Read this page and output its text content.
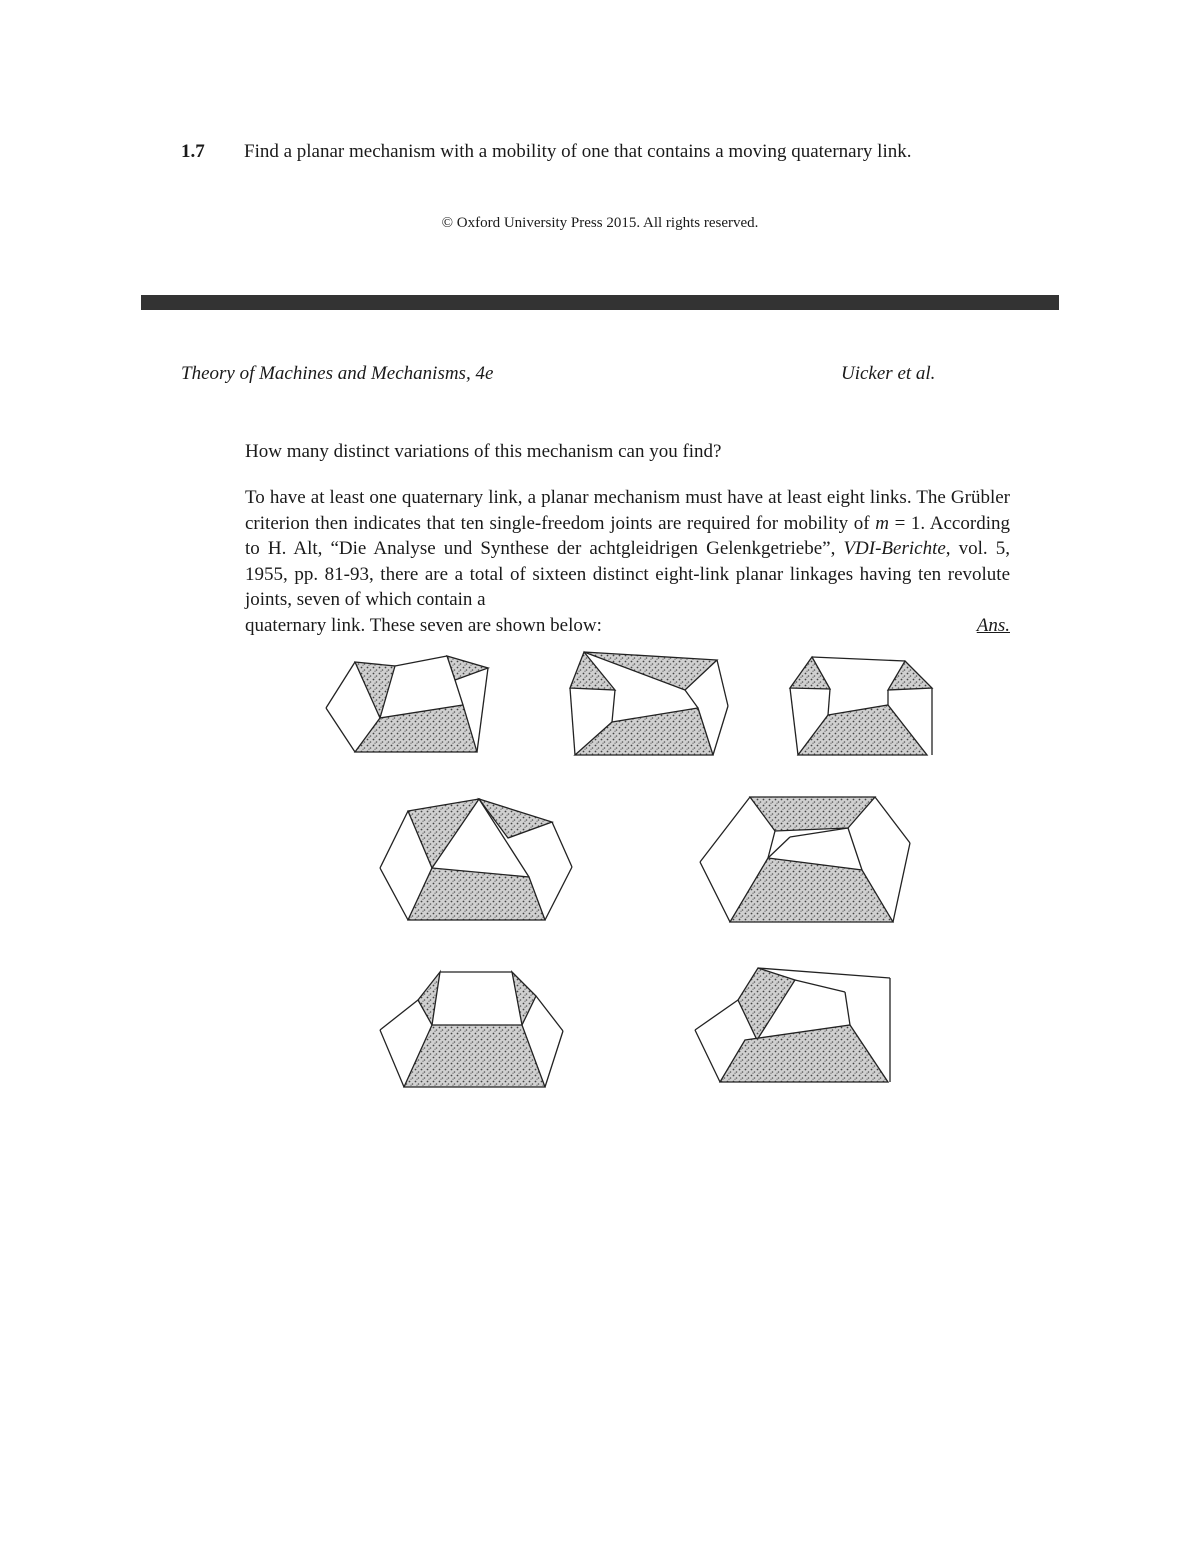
1.7 Find a planar mechanism with a mobility of one that contains a moving quaternary link.
© Oxford University Press 2015. All rights reserved.
Theory of Machines and Mechanisms, 4e	Uicker et al.
How many distinct variations of this mechanism can you find?
To have at least one quaternary link, a planar mechanism must have at least eight links. The Grübler criterion then indicates that ten single-freedom joints are required for mobility of m = 1. According to H. Alt, “Die Analyse und Synthese der achtgleidrigen Gelenkgetriebe”, VDI-Berichte, vol. 5, 1955, pp. 81-93, there are a total of sixteen distinct eight-link planar linkages having ten revolute joints, seven of which contain a
quaternary link. These seven are shown below:	Ans.
